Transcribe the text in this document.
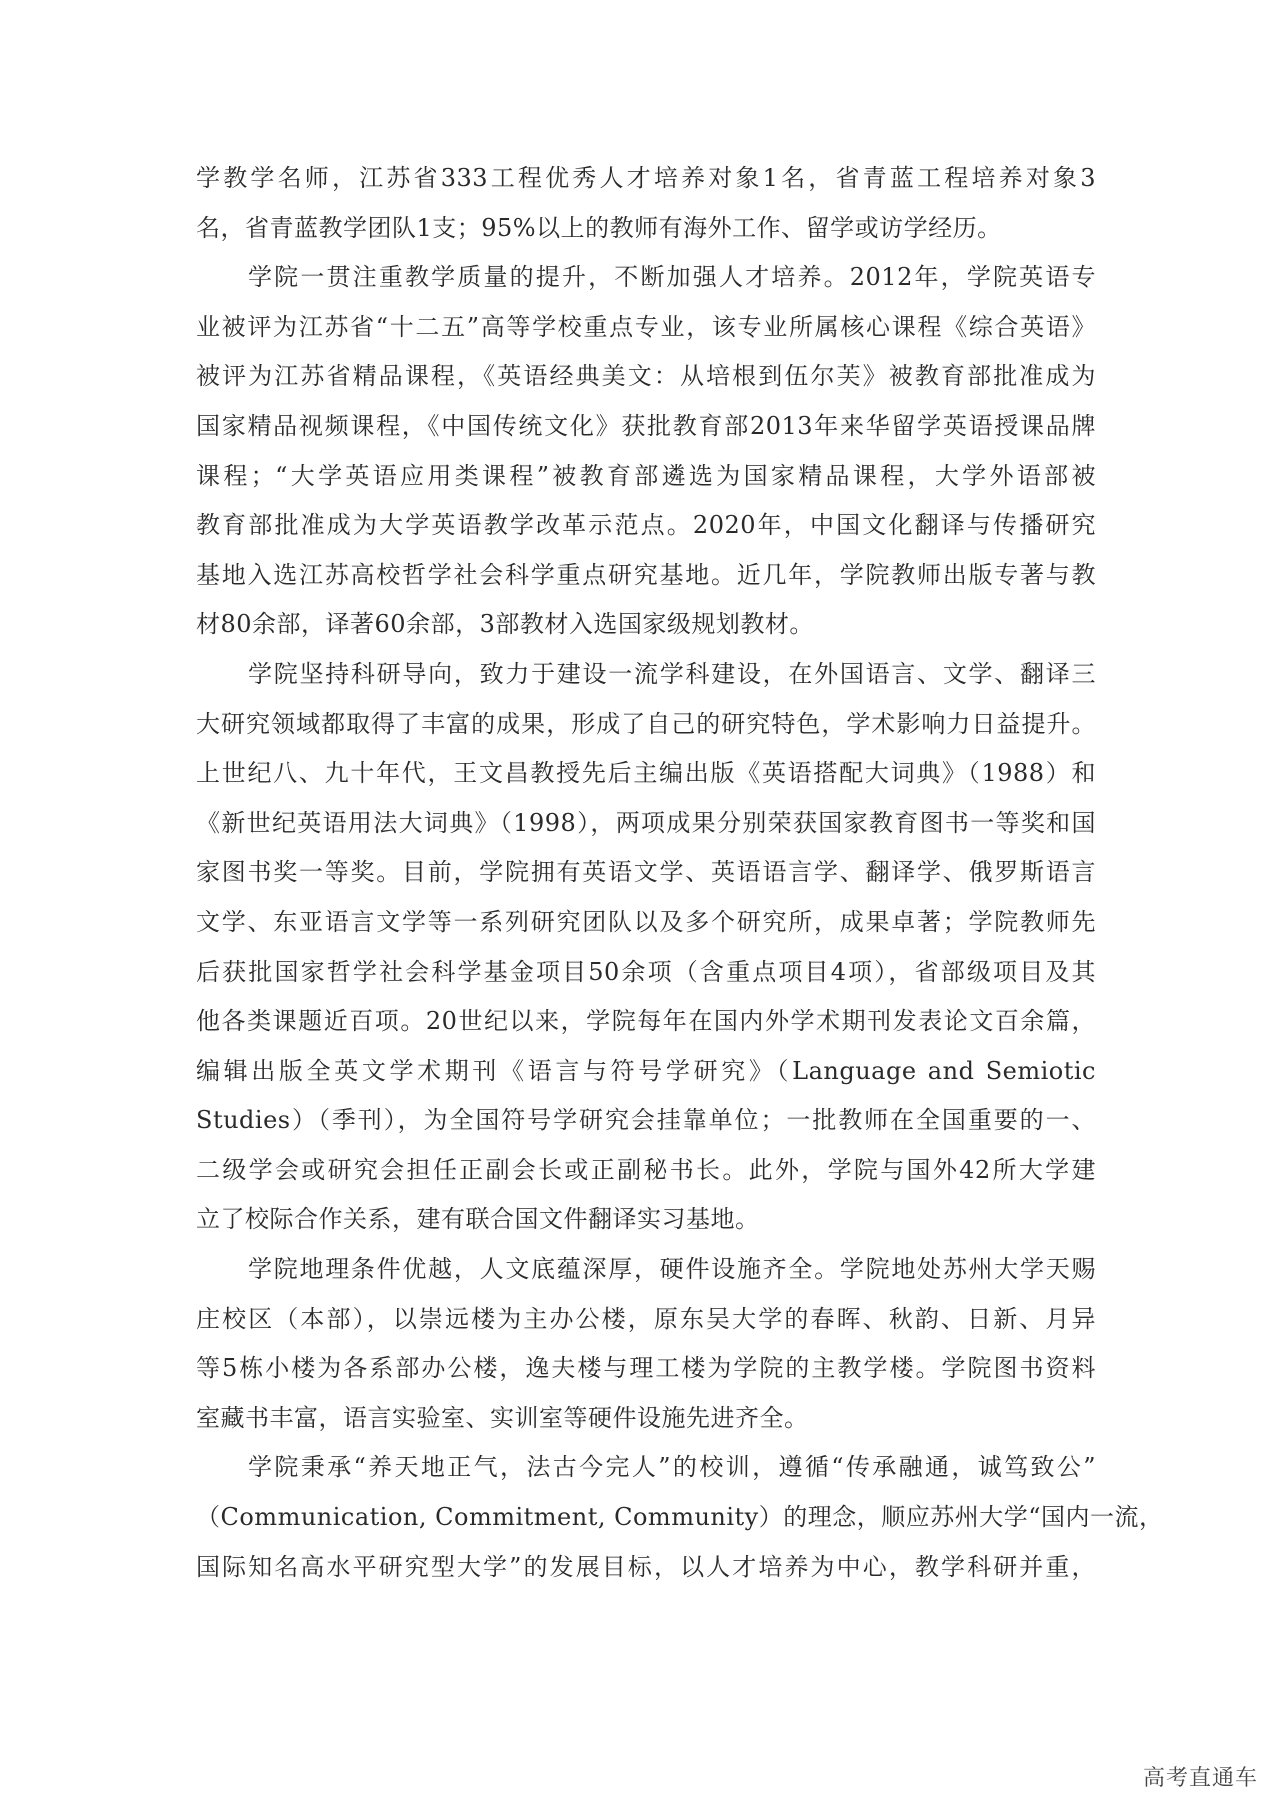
学教学名师，江苏省333工程优秀人才培养对象1名，省青蓝工程培养对象3
名，省青蓝教学团队1支；95%以上的教师有海外工作、留学或访学经历。
学院一贯注重教学质量的提升，不断加强人才培养。2012年，学院英语专
业被评为江苏省“十二五”高等学校重点专业，该专业所属核心课程《综合英语》
被评为江苏省精品课程，《英语经典美文：从培根到伍尔芙》被教育部批准成为
国家精品视频课程，《中国传统文化》获批教育部2013年来华留学英语授课品牌
课程；“大学英语应用类课程”被教育部遴选为国家精品课程，大学外语部被
教育部批准成为大学英语教学改革示范点。2020年，中国文化翻译与传播研究
基地入选江苏高校哲学社会科学重点研究基地。近几年，学院教师出版专著与教
材80余部，译著60余部，3部教材入选国家级规划教材。
学院坚持科研导向，致力于建设一流学科建设，在外国语言、文学、翻译三
大研究领域都取得了丰富的成果，形成了自己的研究特色，学术影响力日益提升。
上世纪八、九十年代，王文昌教授先后主编出版《英语搭配大词典》（1988）和
《新世纪英语用法大词典》（1998），两项成果分别荣获国家教育图书一等奖和国
家图书奖一等奖。目前，学院拥有英语文学、英语语言学、翻译学、俄罗斯语言
文学、东亚语言文学等一系列研究团队以及多个研究所，成果卓著；学院教师先
后获批国家哲学社会科学基金项目50余项（含重点项目4项），省部级项目及其
他各类课题近百项。20世纪以来，学院每年在国内外学术期刊发表论文百余篇，
编辑出版全英文学术期刊《语言与符号学研究》（Language and Semiotic
Studies）（季刊），为全国符号学研究会挂靠单位；一批教师在全国重要的一、
二级学会或研究会担任正副会长或正副秘书长。此外，学院与国外42所大学建
立了校际合作关系，建有联合国文件翻译实习基地。
学院地理条件优越，人文底蕴深厚，硬件设施齐全。学院地处苏州大学天赐
庄校区（本部），以崇远楼为主办公楼，原东吴大学的春晖、秋韵、日新、月异
等5栋小楼为各系部办公楼，逸夫楼与理工楼为学院的主教学楼。学院图书资料
室藏书丰富，语言实验室、实训室等硬件设施先进齐全。
学院秉承“养天地正气，法古今完人”的校训，遵循“传承融通，诚笃致公”
（Communication, Commitment, Community）的理念，顺应苏州大学“国内一流，
国际知名高水平研究型大学”的发展目标，以人才培养为中心，教学科研并重，
高考直通车
